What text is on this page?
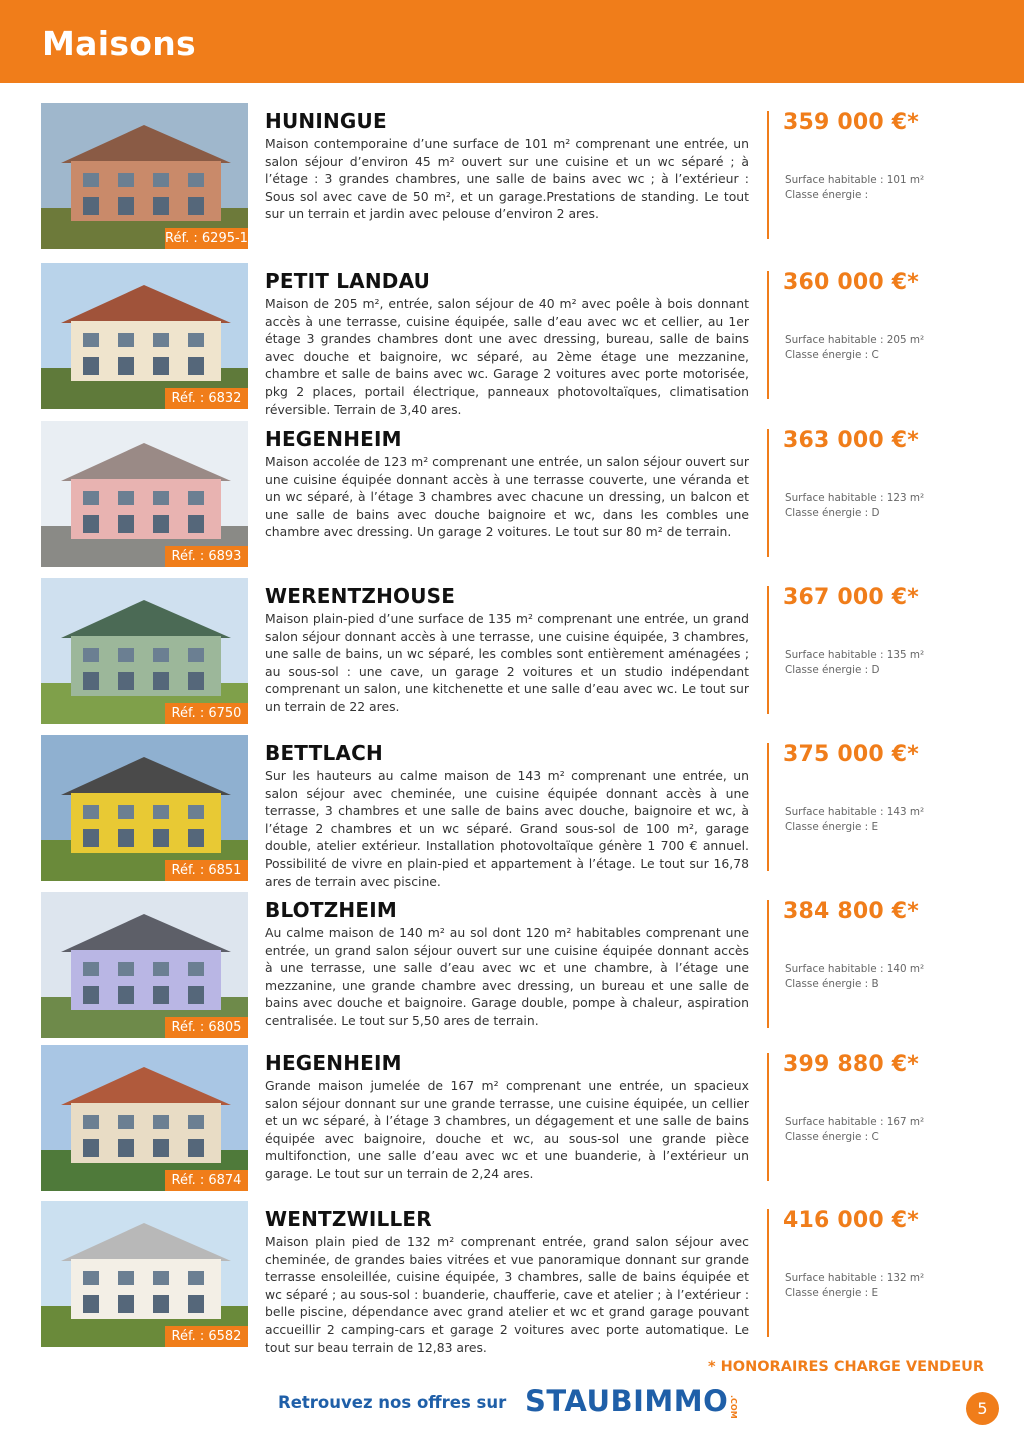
Maisons
Réf. : 6295-1
HUNINGUE
Maison contemporaine d’une surface de 101 m² comprenant une entrée, un salon séjour d’environ 45 m² ouvert sur une cuisine et un wc séparé ; à l’étage : 3 grandes chambres, une salle de bains avec wc ; à l’extérieur : Sous sol avec cave de 50 m², et un garage.Prestations de standing. Le tout sur un terrain et jardin avec pelouse d’environ 2 ares.
359 000 €*
Surface habitable : 101 m²
Classe énergie :
Réf. : 6832
PETIT LANDAU
Maison de 205 m², entrée, salon séjour de 40 m² avec poêle à bois donnant accès à une terrasse, cuisine équipée, salle d’eau avec wc et cellier, au 1er étage 3 grandes chambres dont une avec dressing, bureau, salle de bains avec douche et baignoire, wc séparé, au 2ème étage une mezzanine, chambre et salle de bains avec wc. Garage 2 voitures avec porte motorisée, pkg 2 places, portail électrique, panneaux photovoltaïques, climatisation réversible. Terrain de 3,40 ares.
360 000 €*
Surface habitable : 205 m²
Classe énergie : C
Réf. : 6893
HEGENHEIM
Maison accolée de 123 m² comprenant une entrée, un salon séjour ouvert sur une cuisine équipée donnant accès à une terrasse couverte, une véranda et un wc séparé, à l’étage 3 chambres avec chacune un dressing, un balcon et une salle de bains avec douche baignoire et wc, dans les combles une chambre avec dressing. Un garage 2 voitures. Le tout sur 80 m² de terrain.
363 000 €*
Surface habitable : 123 m²
Classe énergie : D
Réf. : 6750
WERENTZHOUSE
Maison plain-pied d’une surface de 135 m² comprenant une entrée, un grand salon séjour donnant accès à une terrasse, une cuisine équipée, 3 chambres, une salle de bains, un wc séparé, les combles sont entièrement aménagées ; au sous-sol : une cave, un garage 2 voitures et un studio indépendant comprenant un salon, une kitchenette et une salle d’eau avec wc. Le tout sur un terrain de 22 ares.
367 000 €*
Surface habitable : 135 m²
Classe énergie : D
Réf. : 6851
BETTLACH
Sur les hauteurs au calme maison de 143 m² comprenant une entrée, un salon séjour avec cheminée, une cuisine équipée donnant accès à une terrasse, 3 chambres et une salle de bains avec douche, baignoire et wc, à l’étage 2 chambres et un wc séparé. Grand sous-sol de 100 m², garage double, atelier extérieur. Installation photovoltaïque génère 1 700 € annuel. Possibilité de vivre en plain-pied et appartement à l’étage. Le tout sur 16,78 ares de terrain avec piscine.
375 000 €*
Surface habitable : 143 m²
Classe énergie : E
Réf. : 6805
BLOTZHEIM
Au calme maison de 140 m² au sol dont 120 m² habitables comprenant une entrée, un grand salon séjour ouvert sur une cuisine équipée donnant accès à une terrasse, une salle d’eau avec wc et une chambre, à l’étage une mezzanine, une grande chambre avec dressing, un bureau et une salle de bains avec douche et baignoire. Garage double, pompe à chaleur, aspiration centralisée. Le tout sur 5,50 ares de terrain.
384 800 €*
Surface habitable : 140 m²
Classe énergie : B
Réf. : 6874
HEGENHEIM
Grande maison jumelée de 167 m² comprenant une entrée, un spacieux salon séjour donnant sur une grande terrasse, une cuisine équipée, un cellier et un wc séparé, à l’étage 3 chambres, un dégagement et une salle de bains équipée avec baignoire, douche et wc, au sous-sol une grande pièce multifonction, une salle d’eau avec wc et une buanderie, à l’extérieur un garage. Le tout sur un terrain de 2,24 ares.
399 880 €*
Surface habitable : 167 m²
Classe énergie : C
Réf. : 6582
WENTZWILLER
Maison plain pied de 132 m² comprenant entrée, grand salon séjour avec cheminée, de grandes baies vitrées et vue panoramique donnant sur grande terrasse ensoleillée, cuisine équipée, 3 chambres, salle de bains équipée et wc séparé ; au sous-sol : buanderie, chaufferie, cave et atelier ; à l’extérieur : belle piscine, dépendance avec grand atelier et wc et grand garage pouvant accueillir 2 camping-cars et garage 2 voitures avec porte automatique. Le tout sur beau terrain de 12,83 ares.
416 000 €*
Surface habitable : 132 m²
Classe énergie : E
* HONORAIRES CHARGE VENDEUR
Retrouvez nos offres sur STAUBIMMO .COM	5
